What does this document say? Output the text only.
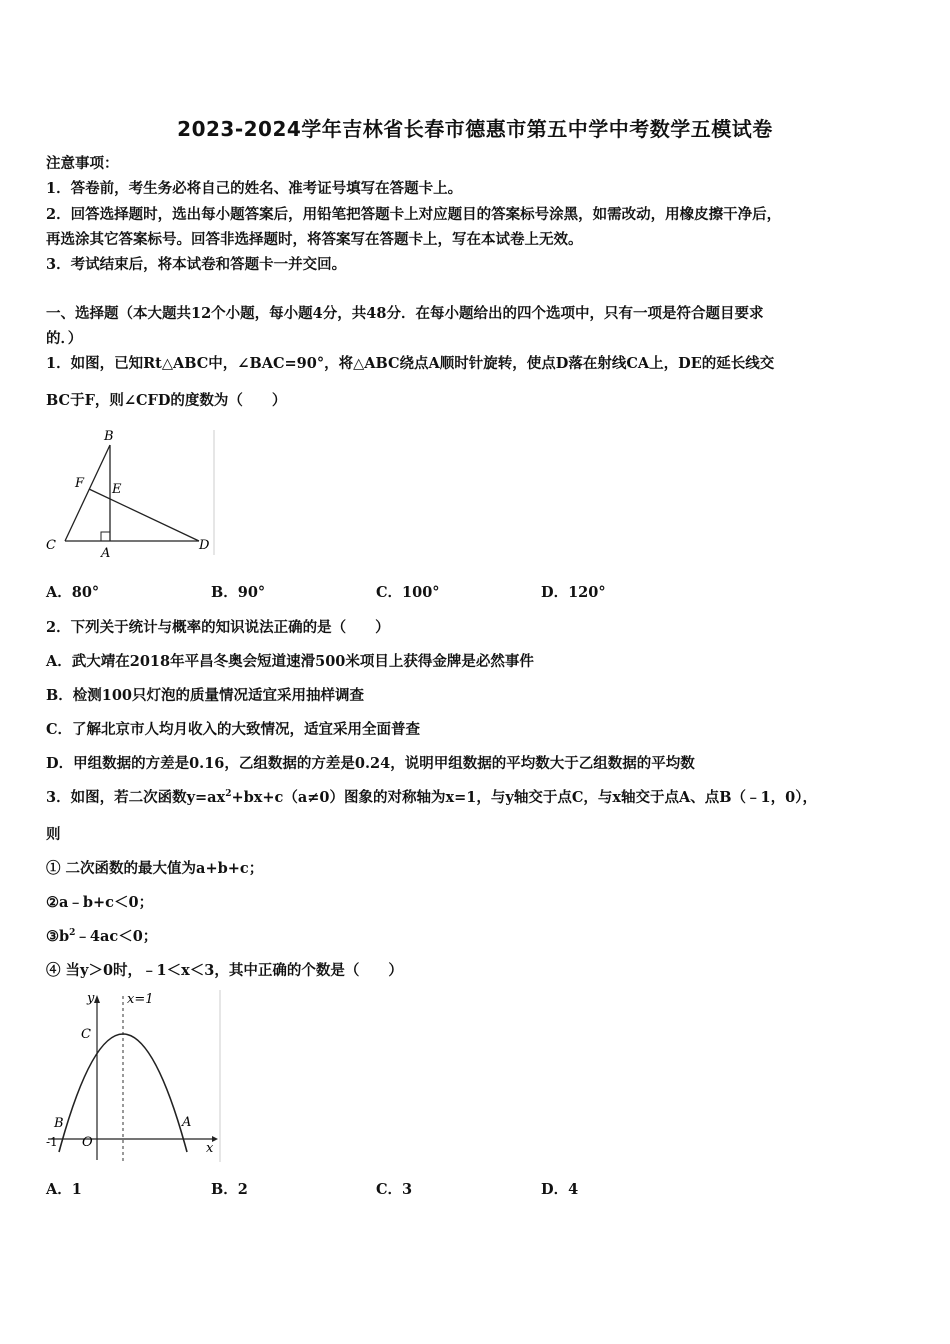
2023-2024学年吉林省长春市德惠市第五中学中考数学五模试卷
注意事项：
1．答卷前，考生务必将自己的姓名、准考证号填写在答题卡上。
2．回答选择题时，选出每小题答案后，用铅笔把答题卡上对应题目的答案标号涂黑，如需改动，用橡皮擦干净后，
再选涂其它答案标号。回答非选择题时，将答案写在答题卡上，写在本试卷上无效。
3．考试结束后，将本试卷和答题卡一并交回。
一、选择题（本大题共12个小题，每小题4分，共48分．在每小题给出的四个选项中，只有一项是符合题目要求
的．）
1．如图，已知Rt△ABC中，∠BAC=90°，将△ABC绕点A顺时针旋转，使点D落在射线CA上，DE的延长线交
BC于F，则∠CFD的度数为（　　）
B
F E
C
A
D
A．80°	B．90°	C．100°	D．120°
2．下列关于统计与概率的知识说法正确的是（　　）
A．武大靖在2018年平昌冬奥会短道速滑500米项目上获得金牌是必然事件
B．检测100只灯泡的质量情况适宜采用抽样调查
C．了解北京市人均月收入的大致情况，适宜采用全面普查
D．甲组数据的方差是0.16，乙组数据的方差是0.24，说明甲组数据的平均数大于乙组数据的平均数
3．如图，若二次函数$y=ax^2+bx+c(a\ne 0)$图象的对称轴为x=1，与y轴交于点C，与x轴交于点A、点B（﹣1，0），
则
① 二次函数的最大值为a+b+c；
②a﹣b+c＜0；
$③b^2﹣4ac<0$；
④ 当y＞0时，﹣1＜x＜3，其中正确的个数是（　　）
y	x=1
C
B	A
-1 O	x
A．1	B．2	C．3	D．4
